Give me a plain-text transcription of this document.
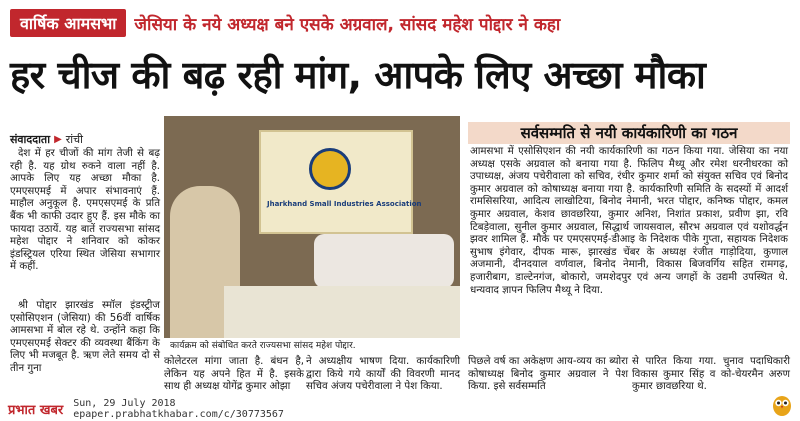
वार्षिक आमसभा	जेसिया के नये अध्यक्ष बने एसके अग्रवाल, सांसद महेश पोद्दार ने कहा
हर चीज की बढ़ रही मांग, आपके लिए अच्छा मौका
संवाददाता ▶ रांची

देश में हर चीजों की मांग तेजी से बढ़ रही है. यह ग्रोथ रुकने वाला नहीं है. आपके लिए यह अच्छा मौका है. एमएसएमई में अपार संभावनाएं हैं. माहौल अनुकूल है. एमएसएमई के प्रति बैंक भी काफी उदार हुए हैं. इस मौके का फायदा उठायें. यह बातें राज्यसभा सांसद महेश पोद्दार ने शनिवार को कोकर इंडस्ट्रियल एरिया स्थित जेसिया सभागार में कहीं.

श्री पोद्दार झारखंड स्मॉल इंडस्ट्रीज एसोसिएशन (जेसिया) की 56वीं वार्षिक आमसभा में बोल रहे थे. उन्होंने कहा कि एमएसएमई सेक्टर की व्यवस्था बैंकिंग के लिए भी मजबूत है. ऋण लेते समय दो से तीन गुना

Jharkhand Small Industries Association
कार्यक्रम को संबोधित करते राज्यसभा सांसद महेश पोद्दार.
सर्वसम्मति से नयी कार्यकारिणी का गठन

आमसभा में एसोसिएशन की नयी कार्यकारिणी का गठन किया गया. जेसिया का नया अध्यक्ष एसके अग्रवाल को बनाया गया है. फिलिप मैथ्यू और रमेश धरनीधरका को उपाध्यक्ष, अंजय पचेरीवाला को सचिव, रंधीर कुमार शर्मा को संयुक्त सचिव एवं बिनोद कुमार अग्रवाल को कोषाध्यक्ष बनाया गया है. कार्यकारिणी समिति के सदस्यों में आदर्श रामसिसरिया, आदित्य लाखोटिया, बिनोद नेमानी, भरत पोद्दार, कनिष्क पोद्दार, कमल कुमार अग्रवाल, केशव छावछरिया, कुमार अनिश, निशांत प्रकाश, प्रवीण झा, रवि टिबड़ेवाला, सुनील कुमार अग्रवाल, सिद्धार्थ जायसवाल, सौरभ अग्रवाल एवं यशोवर्द्धन झवर शामिल हैं. मौके पर एमएसएमई-डीआइ के निदेशक पीके गुप्ता, सहायक निदेशक सुभाष इंगेवार, दीपक मारू, झारखंड चेंबर के अध्यक्ष रंजीत गाड़ोदिया, कुणाल अजमानी, दीनदयाल वर्णवाल, बिनोद नेमानी, विकास बिजवर्गिय सहित रामगढ़, हजारीबाग, डाल्टेनगंज, बोकारो, जमशेदपुर एवं अन्य जगहों के उद्यमी उपस्थित थे. धन्यवाद ज्ञापन फिलिप मैथ्यू ने दिया.

कोलेटरल मांगा जाता है. बंधन है, लेकिन यह अपने हित में है. इसके साथ ही अध्यक्ष योगेंद्र कुमार ओझा

ने अध्यक्षीय भाषण दिया. कार्यकारिणी द्वारा किये गये कार्यों की विवरणी मानद सचिव अंजय पचेरीवाला ने पेश किया.

पिछले वर्ष का अकेक्षण आय-व्यय का ब्योरा कोषाध्यक्ष बिनोद कुमार अग्रवाल ने पेश किया. इसे सर्वसम्मति

से पारित किया गया. चुनाव पदाधिकारी विकास कुमार सिंह व को-चेयरमैन अरुण कुमार छावछरिया थे.

प्रभात खबर Sun, 29 July 2018
epaper.prabhatkhabar.com/c/30773567
